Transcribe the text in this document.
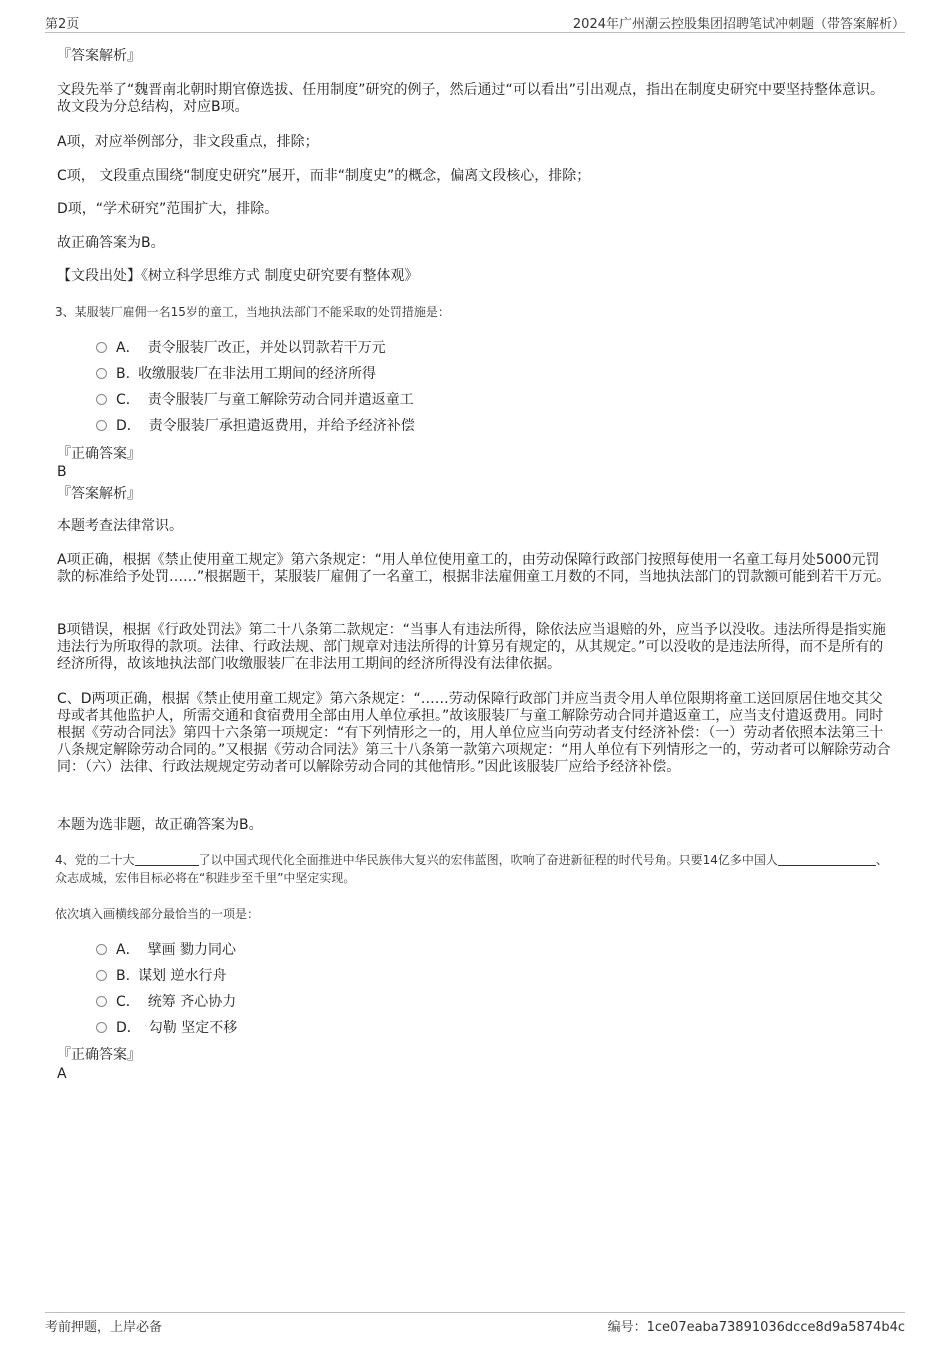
第2页	2024年广州潮云控股集团招聘笔试冲刺题（带答案解析）

『答案解析』

文段先举了“魏晋南北朝时期官僚选拔、任用制度”研究的例子，然后通过“可以看出”引出观点，指出在制度史研究中要坚持整体意识。故文段为分总结构，对应B项。

A项，对应举例部分，非文段重点，排除；

C项， 文段重点围绕“制度史研究”展开，而非“制度史”的概念，偏离文段核心，排除；

D项，“学术研究”范围扩大，排除。

故正确答案为B。

【文段出处】《树立科学思维方式 制度史研究要有整体观》

3、某服装厂雇佣一名15岁的童工，当地执法部门不能采取的处罚措施是：

A． 责令服装厂改正，并处以罚款若干万元
B. 收缴服装厂在非法用工期间的经济所得
C． 责令服装厂与童工解除劳动合同并遣返童工
D． 责令服装厂承担遣返费用，并给予经济补偿

『正确答案』

B

『答案解析』

本题考查法律常识。

A项正确，根据《禁止使用童工规定》第六条规定：“用人单位使用童工的，由劳动保障行政部门按照每使用一名童工每月处5000元罚款的标准给予处罚……”根据题干，某服装厂雇佣了一名童工，根据非法雇佣童工月数的不同，当地执法部门的罚款额可能到若干万元。

B项错误，根据《行政处罚法》第二十八条第二款规定：“当事人有违法所得，除依法应当退赔的外，应当予以没收。违法所得是指实施违法行为所取得的款项。法律、行政法规、部门规章对违法所得的计算另有规定的，从其规定。”可以没收的是违法所得，而不是所有的经济所得，故该地执法部门收缴服装厂在非法用工期间的经济所得没有法律依据。

C、D两项正确，根据《禁止使用童工规定》第六条规定：“……劳动保障行政部门并应当责令用人单位限期将童工送回原居住地交其父母或者其他监护人，所需交通和食宿费用全部由用人单位承担。”故该服装厂与童工解除劳动合同并遣返童工，应当支付遣返费用。同时根据《劳动合同法》第四十六条第一项规定：“有下列情形之一的，用人单位应当向劳动者支付经济补偿：（一）劳动者依照本法第三十八条规定解除劳动合同的。”又根据《劳动合同法》第三十八条第一款第六项规定：“用人单位有下列情形之一的，劳动者可以解除劳动合同：（六）法律、行政法规规定劳动者可以解除劳动合同的其他情形。”因此该服装厂应给予经济补偿。

本题为选非题，故正确答案为B。

4、党的二十大	了以中国式现代化全面推进中华民族伟大复兴的宏伟蓝图，吹响了奋进新征程的时代号角。只要14亿多中国人	、众志成城，宏伟目标必将在“积跬步至千里”中坚定实现。

依次填入画横线部分最恰当的一项是：

A． 擘画 勠力同心
B. 谋划 逆水行舟
C． 统筹 齐心协力
D． 勾勒 坚定不移

『正确答案』

A

考前押题，上岸必备	编号：1ce07eaba73891036dcce8d9a5874b4c
